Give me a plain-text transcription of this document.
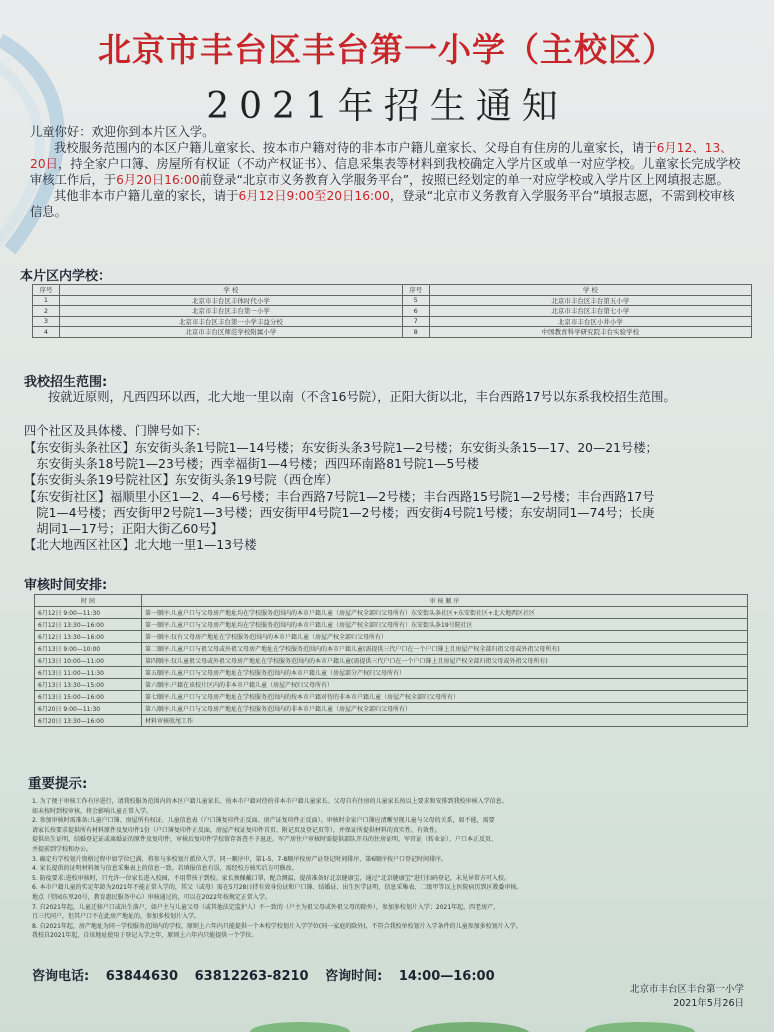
北京市丰台区丰台第一小学（主校区）
2021年招生通知
儿童你好：欢迎你到本片区入学。
我校服务范围内的本区户籍儿童家长、按本市户籍对待的非本市户籍儿童家长、父母自有住房的儿童家长，请于6月12、13、20日，持全家户口簿、房屋所有权证（不动产权证书）、信息采集表等材料到我校确定入学片区或单一对应学校。儿童家长完成学校审核工作后，于6月20日16:00前登录“北京市义务教育入学服务平台”，按照已经划定的单一对应学校或入学片区上网填报志愿。
其他非本市户籍儿童的家长，请于6月12日9:00至20日16:00，登录“北京市义务教育入学服务平台”填报志愿，不需到校审核信息。
本片区内学校：
序号	学 校	序号	学 校
1	北京市丰台区丰体时代小学	5	北京市丰台区丰台第五小学
2	北京市丰台区丰台第一小学	6	北京市丰台区丰台第七小学
3	北京市丰台区丰台第一小学丰益分校	7	北京市丰台区小井小学
4	北京市丰台区师范学校附属小学	8	中国教育科学研究院丰台实验学校
我校招生范围:
按就近原则，凡西四环以西，北大地一里以南（不含16号院），正阳大街以北，丰台西路17号以东系我校招生范围。
四个社区及具体楼、门牌号如下:
【东安街头条社区】东安街头条1号院1—14号楼；东安街头条3号院1—2号楼；东安街头条15—17、20—21号楼；
　东安街头条18号院1—23号楼；西幸福街1—4号楼；西四环南路81号院1—5号楼
【东安街头条19号院社区】东安街头条19号院（西仓库）
【东安街社区】福顺里小区1—2、4—6号楼；丰台西路7号院1—2号楼；丰台西路15号院1—2号楼；丰台西路17号
　院1—4号楼；西安街甲2号院1—3号楼；西安街甲4号院1—2号楼；西安街4号院1号楼；东安胡同1—74号；长庚
　胡同1—17号；正阳大街乙60号】
【北大地西区社区】北大地一里1—13号楼
审核时间安排:
时 间	审 核 顺 序
6月12日 9:00—11:30	第一顺序:儿童户口与父母房产地址均在学校服务范围内的本市户籍儿童（房屋产权全部归父母所有）东安街头条社区+东安街社区+北大地西区社区
6月12日 13:30—16:00	第一顺序:儿童户口与父母房产地址均在学校服务范围内的本市户籍儿童（房屋产权全部归父母所有）东安街头条19号院社区
6月12日 13:30—16:00	第一顺序:仅有父母房产地址在学校服务范围内的本市户籍儿童（房屋产权全部归父母所有）
6月13日 9:00—10:00	第二顺序:儿童户口与祖父母或外祖父母房产地址在学校服务范围内的本市户籍儿童(需提供三代户口在一个户口簿上且房屋产权全部归祖父母或外祖父母所有)
6月13日 10:00—11:00	第四顺序:仅儿童祖父母或外祖父母房产地址在学校服务范围内的本市户籍儿童(需提供三代户口在一个户口簿上且房屋产权全部归祖父母或外祖父母所有)
6月13日 11:00—11:30	第五顺序:儿童户口与父母房产地址在学校服务范围内的本市户籍儿童（房屋部分产权归父母所有）
6月13日 13:30—15:00	第六顺序:户籍在该校片区内的非本市户籍儿童（房屋产权归父母所有）
6月13日 15:00—16:00	第七顺序:儿童户口与父母房产地址在学校服务范围内的按本市户籍对待的非本市户籍儿童（房屋产权全部归父母所有）
6月20日 9:00—11:30	第八顺序:儿童户口与父母房产地址在学校服务范围内的非本市户籍儿童（房屋产权全部归父母所有）
6月20日 13:30—16:00	材料审核收尾工作
重要提示:
1. 为了便于审核工作有序进行，请我校服务范围内的本区户籍儿童家长、按本市户籍对待的非本市户籍儿童家长、父母自有住房的儿童家长按以上要求和安排到我校审核入学信息。
如未按时到校审核，将会影响儿童正常入学。
2. 参加审核时需准备:儿童户口簿、房屋所有权证、儿童信息表（户口簿复印件正反面、房产证复印件正反面）。审核时全家户口簿应清晰呈现儿童与父母的关系，如不能，需要
请家长按要求提供所有材料原件及复印件1份（户口簿复印件正反面，房屋产权证复印件首页、附记页及登记页等），并保证所提供材料的真实性、有效性。
提供出生证明、结婚登记证或离婚证的原件及复印件，审核后复印件学校留存备查不予退还。军产房住户审核时需提供部队开具的住房证明、军官证（转业证）、户口本正反页、
并提前到学校和办公。
3. 确定有学校划片资格过程中如学位已满，将参与多校划片派位入学。同一顺序中，第1-5、7-8顺序按房产证登记时间排序，第6顺序按户口登记时间排序。
4. 家长提供的证明材料须与信息采集表上的信息一致。若填报信息有误，需经校方核实后方可修改。
5. 防疫要求:进校审核时，只允许一位家长进入校园，不用带孩子到校。家长须佩戴口罩，配合测温，提前准备好北京健康宝，通过“北京健康宝”进行扫码登记，未见异常方可入校。
6. 本市户籍儿童的实足年龄为2021年不能正常入学的，其父（或母）需在5月28日持有效身份证和户口簿、结婚证、出生医学证明、信息采集表、二级甲等以上医院病历到区教委审核。
地点（望园东里20号，教育惠民服务中心）审核通过的，可以在2022年按规定正常入学。
7. 自2021年起，儿童迁移户口或出生落户，如户主与儿童父母（或其他法定监护人）不一致的（户主为祖父母或外祖父母的除外），参加多校划片入学；2021年起，四老房产，
且三代同户，但其户口不在此房产地址的，参加多校划片入学。
8. 自2021年起，房产地址为同一学校服务范围内的学校，原则上六年内只能提供一个本校学校划片入学学位(同一家庭的除外)，不符合我校单校划片入学条件的儿童参加多校划片入学。
我校自2021年起，自该地址使用于登记入学之年，原则上六年内只能提供一个学位。
咨询电话: 63844630 63812263-8210 咨询时间: 14:00—16:00
北京市丰台区丰台第一小学
2021年5月26日
